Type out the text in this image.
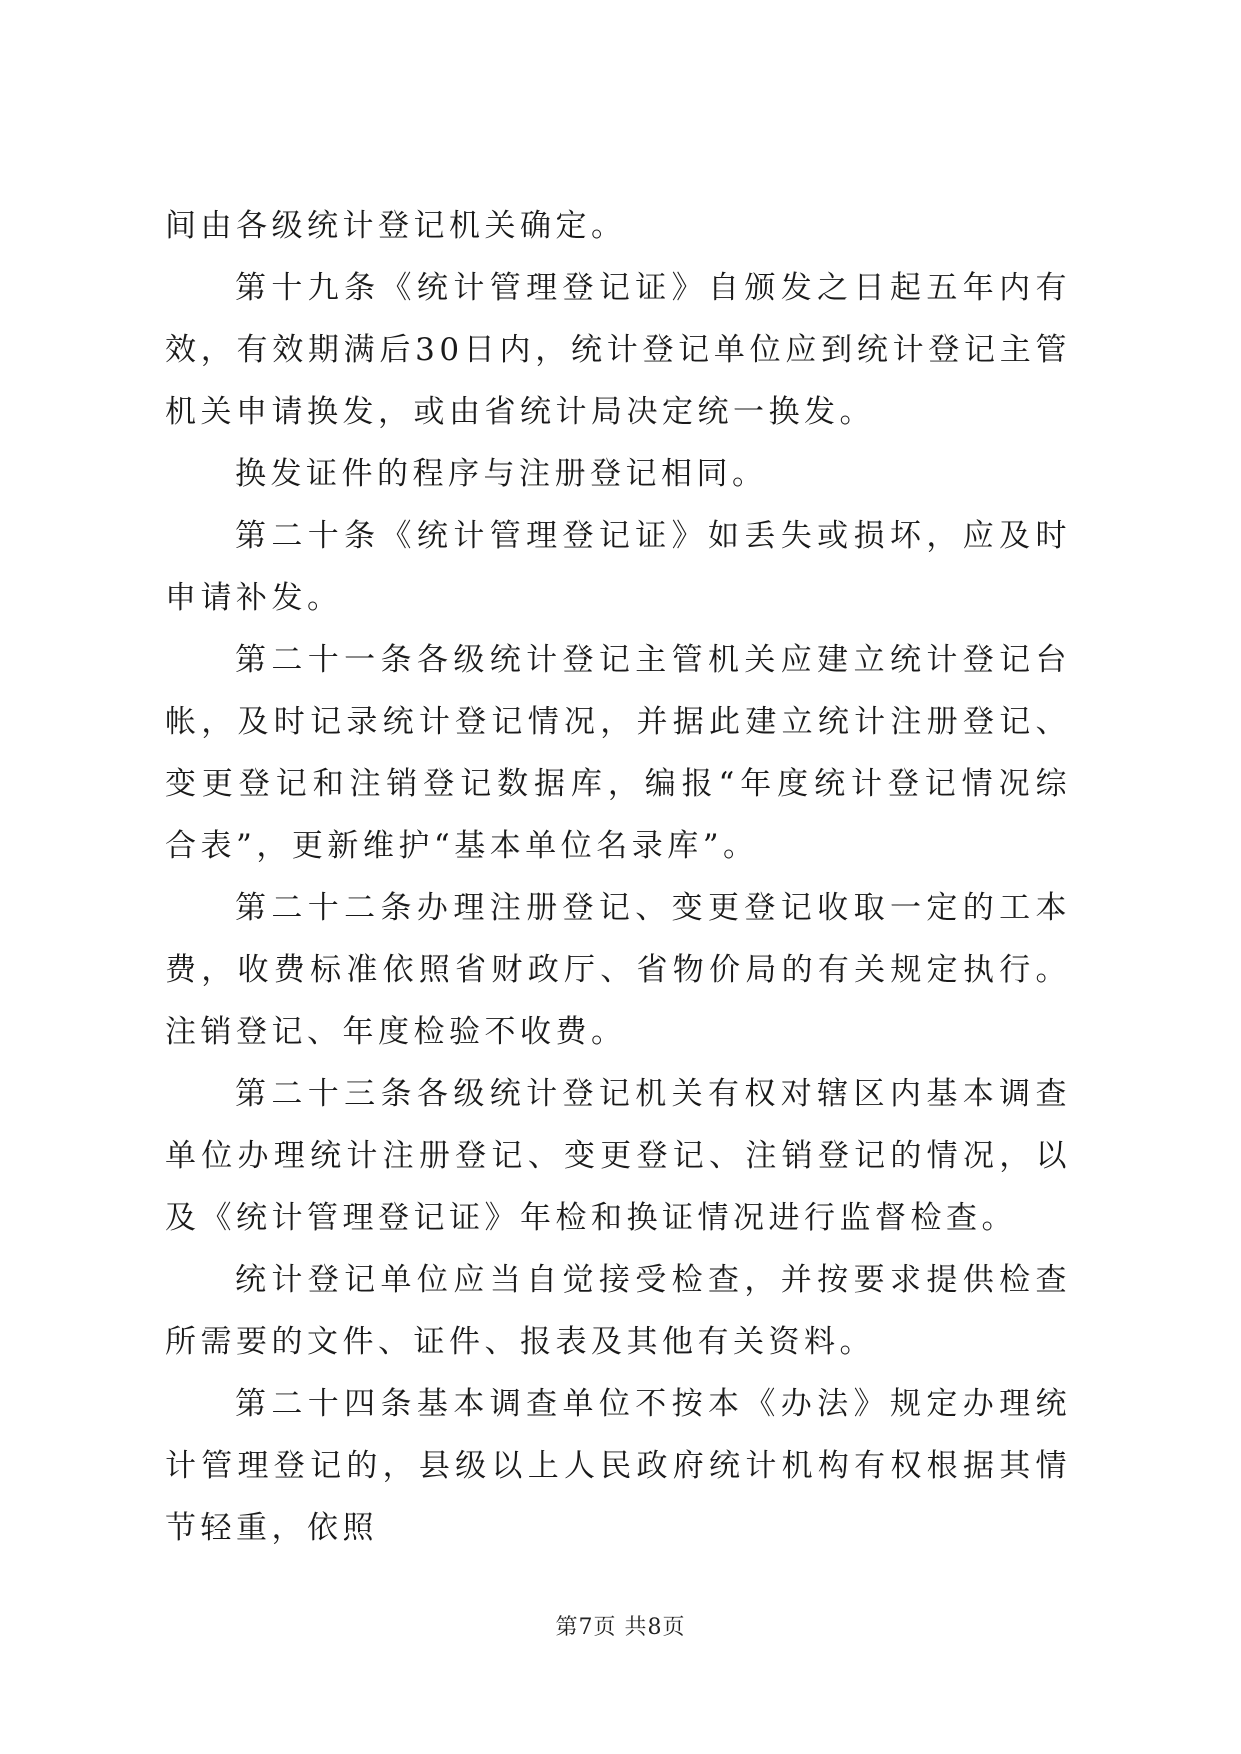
间由各级统计登记机关确定。

第十九条《统计管理登记证》自颁发之日起五年内有效，有效期满后30日内，统计登记单位应到统计登记主管机关申请换发，或由省统计局决定统一换发。

换发证件的程序与注册登记相同。

第二十条《统计管理登记证》如丢失或损坏，应及时申请补发。

第二十一条各级统计登记主管机关应建立统计登记台帐，及时记录统计登记情况，并据此建立统计注册登记、变更登记和注销登记数据库，编报“年度统计登记情况综合表”，更新维护“基本单位名录库”。

第二十二条办理注册登记、变更登记收取一定的工本费，收费标准依照省财政厅、省物价局的有关规定执行。注销登记、年度检验不收费。

第二十三条各级统计登记机关有权对辖区内基本调查单位办理统计注册登记、变更登记、注销登记的情况，以及《统计管理登记证》年检和换证情况进行监督检查。

统计登记单位应当自觉接受检查，并按要求提供检查所需要的文件、证件、报表及其他有关资料。

第二十四条基本调查单位不按本《办法》规定办理统计管理登记的，县级以上人民政府统计机构有权根据其情节轻重，依照

第7页 共8页
